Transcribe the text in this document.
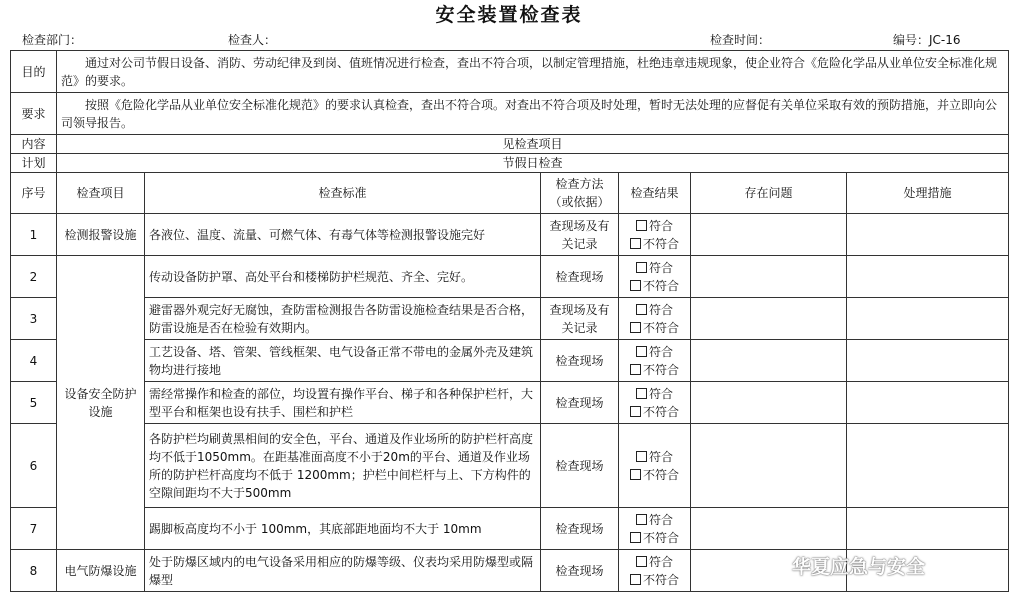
安全装置检查表
检查部门：	检查人：	检查时间：	编号：JC-16
目的	通过对公司节假日设备、消防、劳动纪律及到岗、值班情况进行检查，查出不符合项，以制定管理措施，杜绝违章违规现象，使企业符合《危险化学品从业单位安全标准化规范》的要求。					
要求	按照《危险化学品从业单位安全标准化规范》的要求认真检查，查出不符合项。对查出不符合项及时处理，暂时无法处理的应督促有关单位采取有效的预防措施，并立即向公司领导报告。					
内容	见检查项目					
计划	节假日检查					
序号	检查项目	检查标准	检查方法（或依据）	检查结果	存在问题	处理措施
1	检测报警设施	各液位、温度、流量、可燃气体、有毒气体等检测报警设施完好	查现场及有关记录	符合
不符合		

2	设备安全防护设施	传动设备防护罩、高处平台和楼梯防护栏规范、齐全、完好。	检查现场	符合
不符合		

3		避雷器外观完好无腐蚀，查防雷检测报告各防雷设施检查结果是否合格，防雷设施是否在检验有效期内。	查现场及有关记录	符合
不符合		

4		工艺设备、塔、管架、管线框架、电气设备正常不带电的金属外壳及建筑物均进行接地	检查现场	符合
不符合		

5		需经常操作和检查的部位，均设置有操作平台、梯子和各种保护栏杆，大型平台和框架也设有扶手、围栏和护栏	检查现场	符合
不符合		

6		各防护栏均刷黄黑相间的安全色，平台、通道及作业场所的防护栏杆高度均不低于1050mm。在距基准面高度不小于20m的平台、通道及作业场所的防护栏杆高度均不低于 1200mm；护栏中间栏杆与上、下方构件的空隙间距均不大于500mm	检查现场	符合
不符合		

7		踢脚板高度均不小于 100mm，其底部距地面均不大于 10mm	检查现场	符合
不符合		

8	电气防爆设施	处于防爆区域内的电气设备采用相应的防爆等级、仪表均采用防爆型或隔爆型	检查现场	符合
不符合		

华夏应急与安全
